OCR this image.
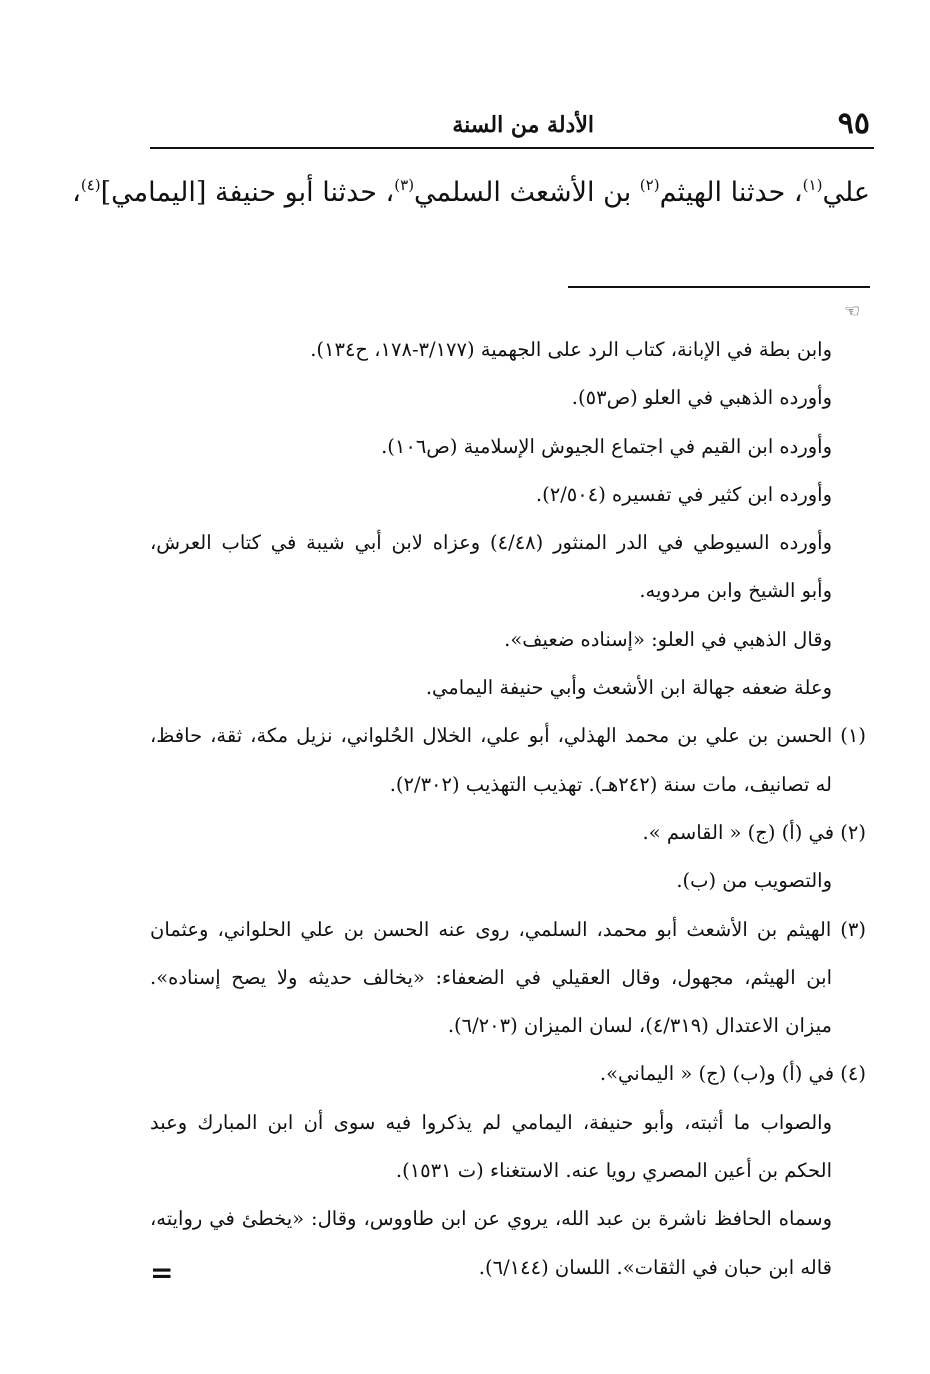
٩٥
الأدلة من السنة
علي$^{(١)}$، حدثنا الهيثم$^{(٢)}$ بن الأشعث السلمي$^{(٣)}$، حدثنا أبو حنيفة [اليمامي]$^{(٤)}$،
☜
وابن بطة في الإبانة، كتاب الرد على الجهمية (٣/١٧٧-١٧٨، ح١٣٤).
وأورده الذهبي في العلو (ص٥٣).
وأورده ابن القيم في اجتماع الجيوش الإسلامية (ص١٠٦).
وأورده ابن كثير في تفسيره (٢/٥٠٤).
وأورده السيوطي في الدر المنثور (٤/٤٨) وعزاه لابن أبي شيبة في كتاب العرش،
وأبو الشيخ وابن مردويه.
وقال الذهبي في العلو: «إسناده ضعيف».
وعلة ضعفه جهالة ابن الأشعث وأبي حنيفة اليمامي.
(١) الحسن بن علي بن محمد الهذلي، أبو علي، الخلال الحُلواني، نزيل مكة، ثقة، حافظ،
له تصانيف، مات سنة (٢٤٢هـ). تهذيب التهذيب (٢/٣٠٢).
(٢) في (أ) (ج) « القاسم ».
والتصويب من (ب).
(٣) الهيثم بن الأشعث أبو محمد، السلمي، روى عنه الحسن بن علي الحلواني، وعثمان
ابن الهيثم، مجهول، وقال العقيلي في الضعفاء: «يخالف حديثه ولا يصح إسناده».
ميزان الاعتدال (٤/٣١٩)، لسان الميزان (٦/٢٠٣).
(٤) في (أ) و(ب) (ج) « اليماني».
والصواب ما أثبته، وأبو حنيفة، اليمامي لم يذكروا فيه سوى أن ابن المبارك وعبد
الحكم بن أعين المصري رويا عنه. الاستغناء (ت ١٥٣١).
وسماه الحافظ ناشرة بن عبد الله، يروي عن ابن طاووس، وقال: «يخطئ في روايته،
قاله ابن حبان في الثقات». اللسان (٦/١٤٤).
=
